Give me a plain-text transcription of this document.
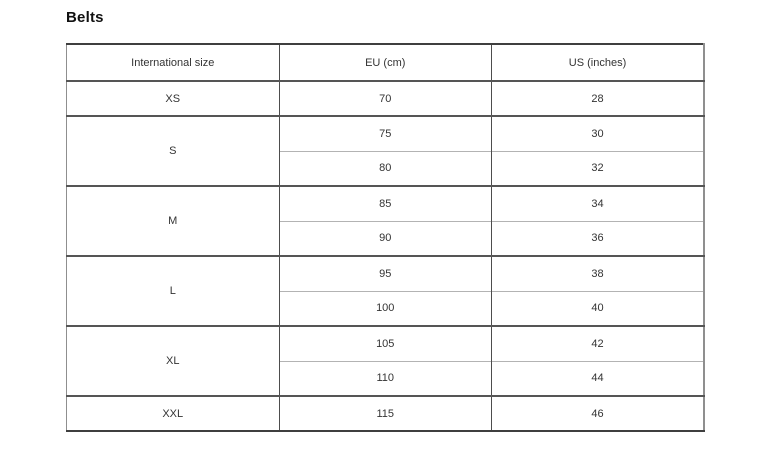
Belts
International size	EU (cm)	US (inches)
XS	70	28
S	75	30
	80	32
M	85	34
	90	36
L	95	38
	100	40
XL	105	42
	110	44
XXL	115	46
